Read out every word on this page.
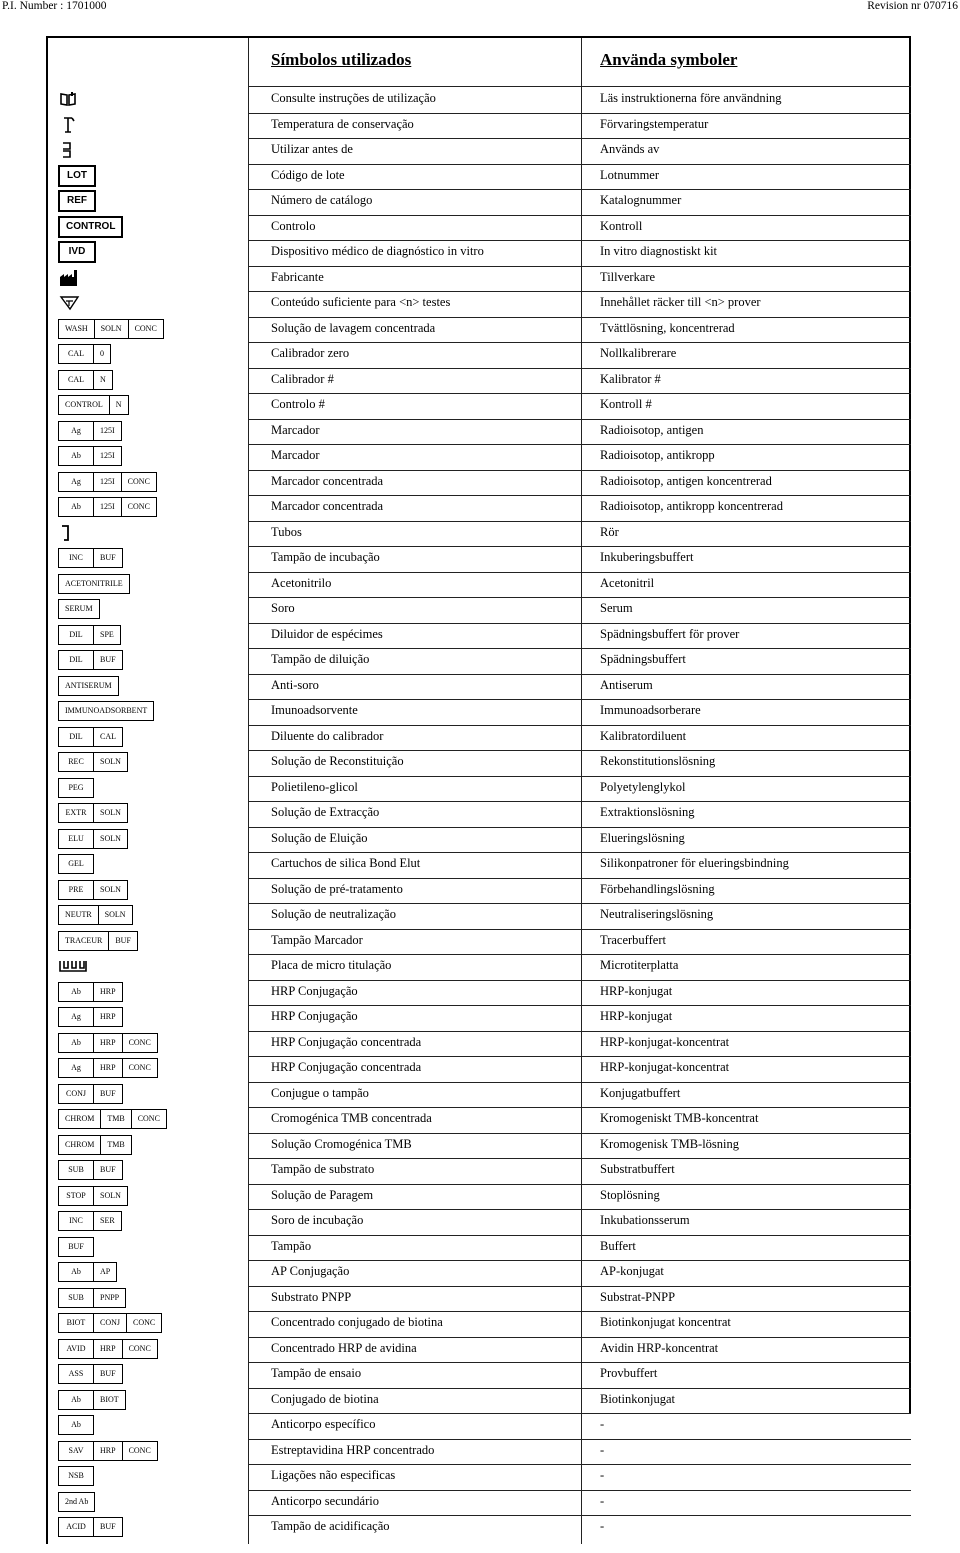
P.I. Number : 1701000	Revision nr 070716
Símbolos utilizados	Använda symboler
Consulte instruções de utilização	Läs instruktionerna före användning
Temperatura de conservação	Förvaringstemperatur
Utilizar antes de	Används av
LOT	Código de lote	Lotnummer
REF	Número de catálogo	Katalognummer
CONTROL	Controlo	Kontroll
IVD	Dispositivo médico de diagnóstico in vitro	In vitro diagnostiskt kit
Fabricante	Tillverkare
Conteúdo suficiente para <n> testes	Innehållet räcker till <n> prover
WASH	SOLN	CONC	Solução de lavagem concentrada	Tvättlösning, koncentrerad
CAL	0	Calibrador zero	Nollkalibrerare
CAL	N	Calibrador #	Kalibrator #
CONTROL	N	Controlo #	Kontroll #
Ag	125I	Marcador	Radioisotop, antigen
Ab	125I	Marcador	Radioisotop, antikropp
Ag	125I	CONC	Marcador concentrada	Radioisotop, antigen koncentrerad
Ab	125I	CONC	Marcador concentrada	Radioisotop, antikropp koncentrerad
Tubos	Rör
INC	BUF	Tampão de incubação	Inkuberingsbuffert
ACETONITRILE	Acetonitrilo	Acetonitril
SERUM	Soro	Serum
DIL	SPE	Diluidor de espécimes	Spädningsbuffert för prover
DIL	BUF	Tampão de diluição	Spädningsbuffert
ANTISERUM	Anti-soro	Antiserum
IMMUNOADSORBENT	Imunoadsorvente	Immunoadsorberare
DIL	CAL	Diluente do calibrador	Kalibratordiluent
REC	SOLN	Solução de Reconstituição	Rekonstitutionslösning
PEG	Polietileno-glicol	Polyetylenglykol
EXTR	SOLN	Solução de Extracção	Extraktionslösning
ELU	SOLN	Solução de Eluição	Elueringslösning
GEL	Cartuchos de silica Bond Elut	Silikonpatroner för elueringsbindning
PRE	SOLN	Solução de pré-tratamento	Förbehandlingslösning
NEUTR	SOLN	Solução de neutralização	Neutraliseringslösning
TRACEUR	BUF	Tampão Marcador	Tracerbuffert
Placa de micro titulação	Microtiterplatta
Ab	HRP	HRP Conjugação	HRP-konjugat
Ag	HRP	HRP Conjugação	HRP-konjugat
Ab	HRP	CONC	HRP Conjugação concentrada	HRP-konjugat-koncentrat
Ag	HRP	CONC	HRP Conjugação concentrada	HRP-konjugat-koncentrat
CONJ	BUF	Conjugue o tampão	Konjugatbuffert
CHROM	TMB	CONC	Cromogénica TMB concentrada	Kromogeniskt TMB-koncentrat
CHROM	TMB	Solução Cromogénica TMB	Kromogenisk TMB-lösning
SUB	BUF	Tampão de substrato	Substratbuffert
STOP	SOLN	Solução de Paragem	Stoplösning
INC	SER	Soro de incubação	Inkubationsserum
BUF	Tampão	Buffert
Ab	AP	AP Conjugação	AP-konjugat
SUB	PNPP	Substrato PNPP	Substrat-PNPP
BIOT	CONJ	CONC	Concentrado conjugado de biotina	Biotinkonjugat koncentrat
AVID	HRP	CONC	Concentrado HRP de avidina	Avidin HRP-koncentrat
ASS	BUF	Tampão de ensaio	Provbuffert
Ab	BIOT	Conjugado de biotina	Biotinkonjugat
Ab	Anticorpo específico	-
SAV	HRP	CONC	Estreptavidina HRP concentrado	-
NSB	Ligações não especificas	-
2nd Ab	Anticorpo secundário	-
ACID	BUF	Tampão de acidificação	-
